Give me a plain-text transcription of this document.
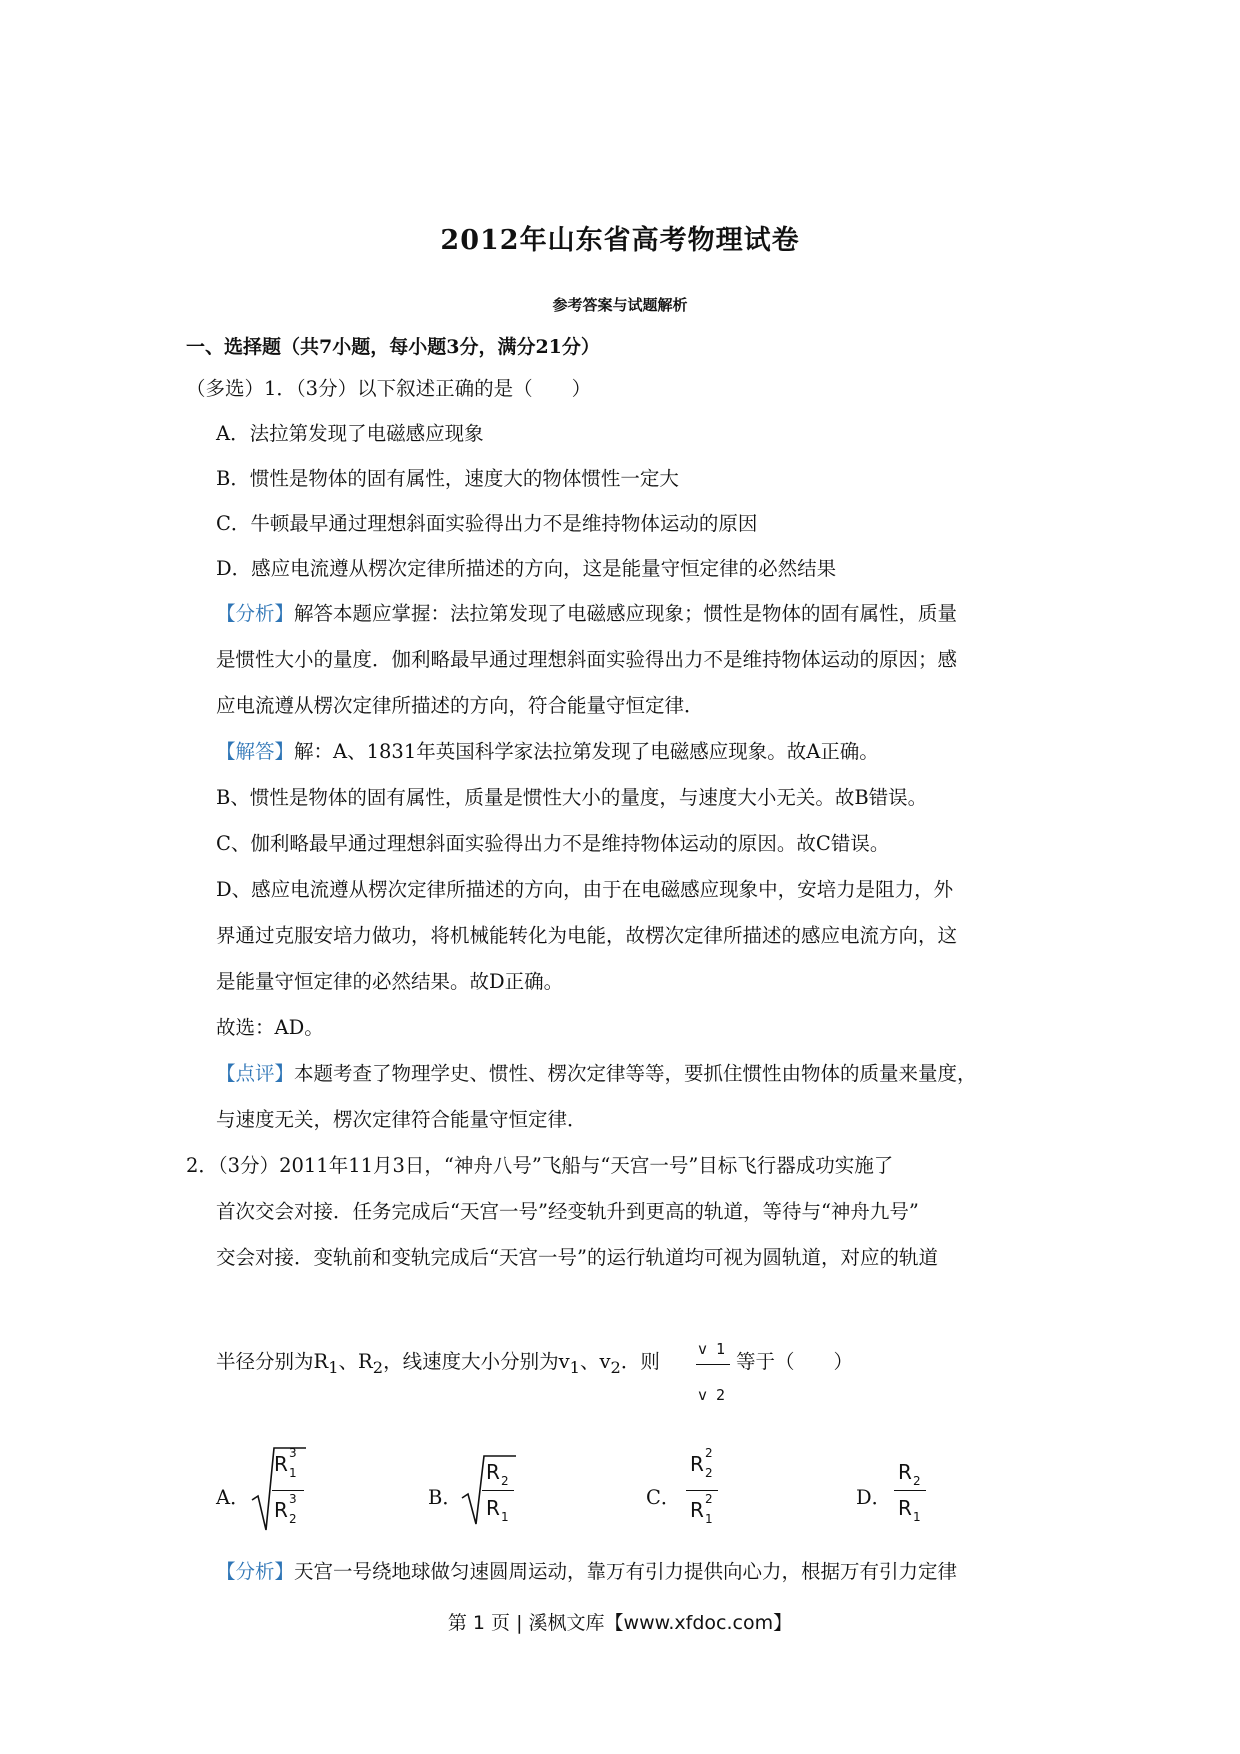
2012年山东省高考物理试卷
参考答案与试题解析
一、选择题（共7小题，每小题3分，满分21分）
（多选）1．（3分）以下叙述正确的是（　　）
A．法拉第发现了电磁感应现象
B．惯性是物体的固有属性，速度大的物体惯性一定大
C．牛顿最早通过理想斜面实验得出力不是维持物体运动的原因
D．感应电流遵从楞次定律所描述的方向，这是能量守恒定律的必然结果
【分析】解答本题应掌握：法拉第发现了电磁感应现象；惯性是物体的固有属性，质量
是惯性大小的量度．伽利略最早通过理想斜面实验得出力不是维持物体运动的原因；感
应电流遵从楞次定律所描述的方向，符合能量守恒定律．
【解答】解：A、1831年英国科学家法拉第发现了电磁感应现象。故A正确。
B、惯性是物体的固有属性，质量是惯性大小的量度，与速度大小无关。故B错误。
C、伽利略最早通过理想斜面实验得出力不是维持物体运动的原因。故C错误。
D、感应电流遵从楞次定律所描述的方向，由于在电磁感应现象中，安培力是阻力，外
界通过克服安培力做功，将机械能转化为电能，故楞次定律所描述的感应电流方向，这
是能量守恒定律的必然结果。故D正确。
故选：AD。
【点评】本题考查了物理学史、惯性、楞次定律等等，要抓住惯性由物体的质量来量度，
与速度无关，楞次定律符合能量守恒定律．
2．（3分）2011年11月3日，“神舟八号”飞船与“天宫一号”目标飞行器成功实施了
首次交会对接．任务完成后“天宫一号”经变轨升到更高的轨道，等待与“神舟九号”
交会对接．变轨前和变轨完成后“天宫一号”的运行轨道均可视为圆轨道，对应的轨道
半径分别为$R_1$、$R_2$，线速度大小分别为$v_1$、$v_2$．则
v 1
v 2
等于（　　）
A．
R 3
1
R 3
2
B．
R 2
R 1
C．
R 2
2
R 2
1
D．
R 2
R 1
【分析】天宫一号绕地球做匀速圆周运动，靠万有引力提供向心力，根据万有引力定律
第 1 页 | 溪枫文库【www.xfdoc.com】
